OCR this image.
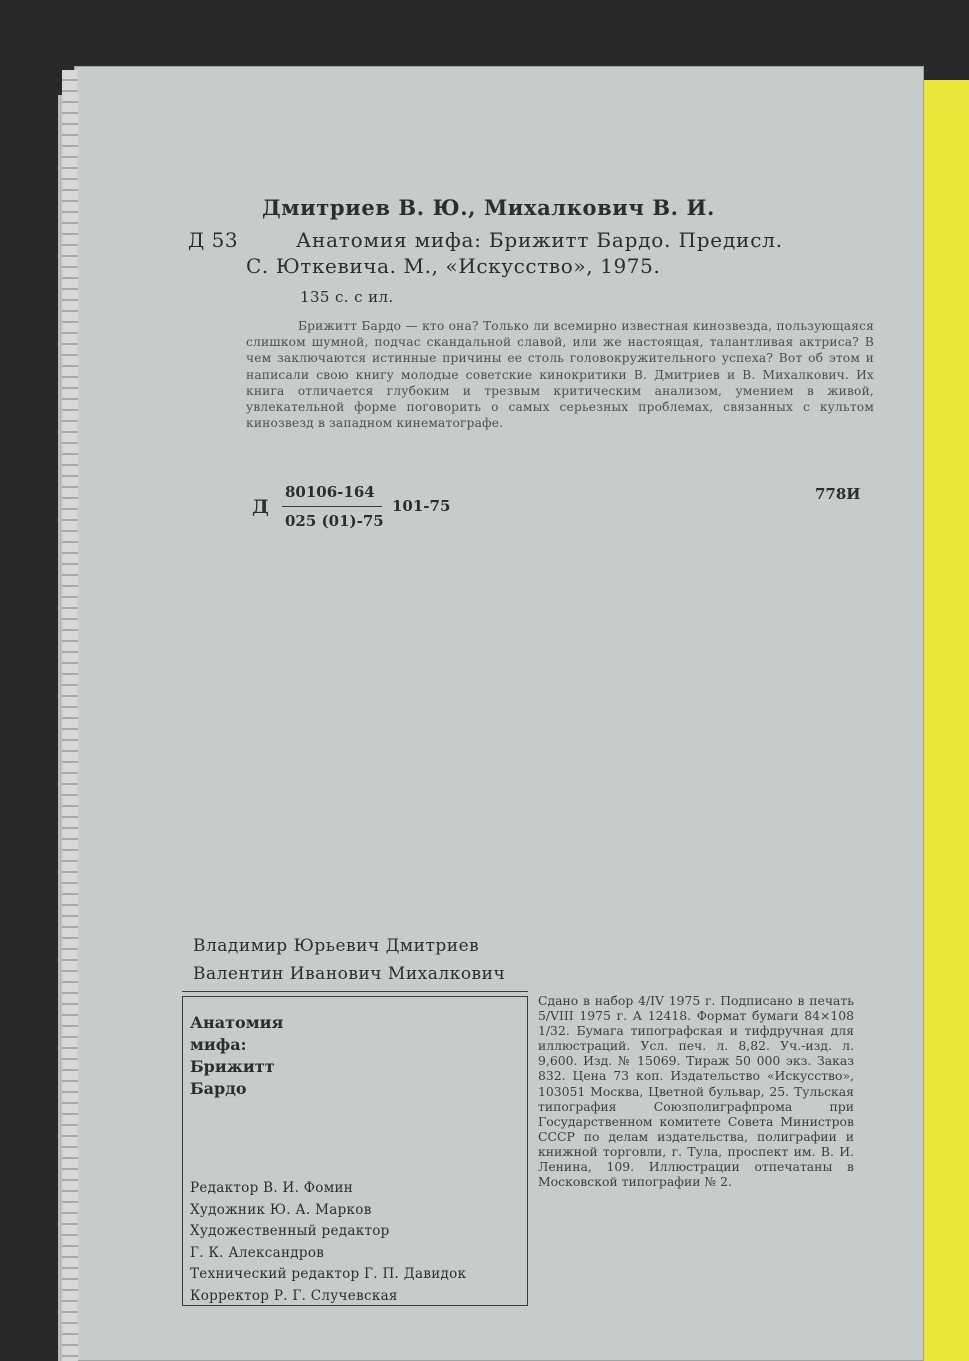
Дмитриев В. Ю., Михалкович В. И.
Д 53	Анатомия мифа: Брижитт Бардо. Предисл.
С. Юткевича. М., «Искусство», 1975.
135 с. с ил.
Брижитт Бардо — кто она? Только ли всемирно известная кинозвезда, пользующаяся слишком шумной, подчас скандальной славой, или же настоящая, талантливая актриса? В чем заключаются истинные причины ее столь головокружительного успеха? Вот об этом и написали свою книгу молодые советские кинокритики В. Дмитриев и В. Михалкович. Их книга отличается глубоким и трезвым критическим анализом, умением в живой, увлекательной форме поговорить о самых серьезных проблемах, связанных с культом кинозвезд в западном кинематографе.
Д
80106-164
025 (01)-75
101-75
778И
Владимир Юрьевич Дмитриев
Валентин Иванович Михалкович
Анатомия
мифа:
Брижитт
Бардо
Редактор В. И. Фомин
Художник Ю. А. Марков
Художественный редактор
Г. К. Александров
Технический редактор Г. П. Давидок
Корректор Р. Г. Случевская
Сдано в набор 4/IV 1975 г. Подписано в печать 5/VIII 1975 г. А 12418. Формат бумаги 84×108 1/32. Бумага типографская и тифдручная для иллюстраций. Усл. печ. л. 8,82. Уч.-изд. л. 9,600. Изд. № 15069. Тираж 50 000 экз. Заказ 832. Цена 73 коп. Издательство «Искусство», 103051 Москва, Цветной бульвар, 25. Тульская типография Союзполиграфпрома при Государственном комитете Совета Министров СССР по делам издательства, полиграфии и книжной торговли, г. Тула, проспект им. В. И. Ленина, 109. Иллюстрации отпечатаны в Московской типографии № 2.
